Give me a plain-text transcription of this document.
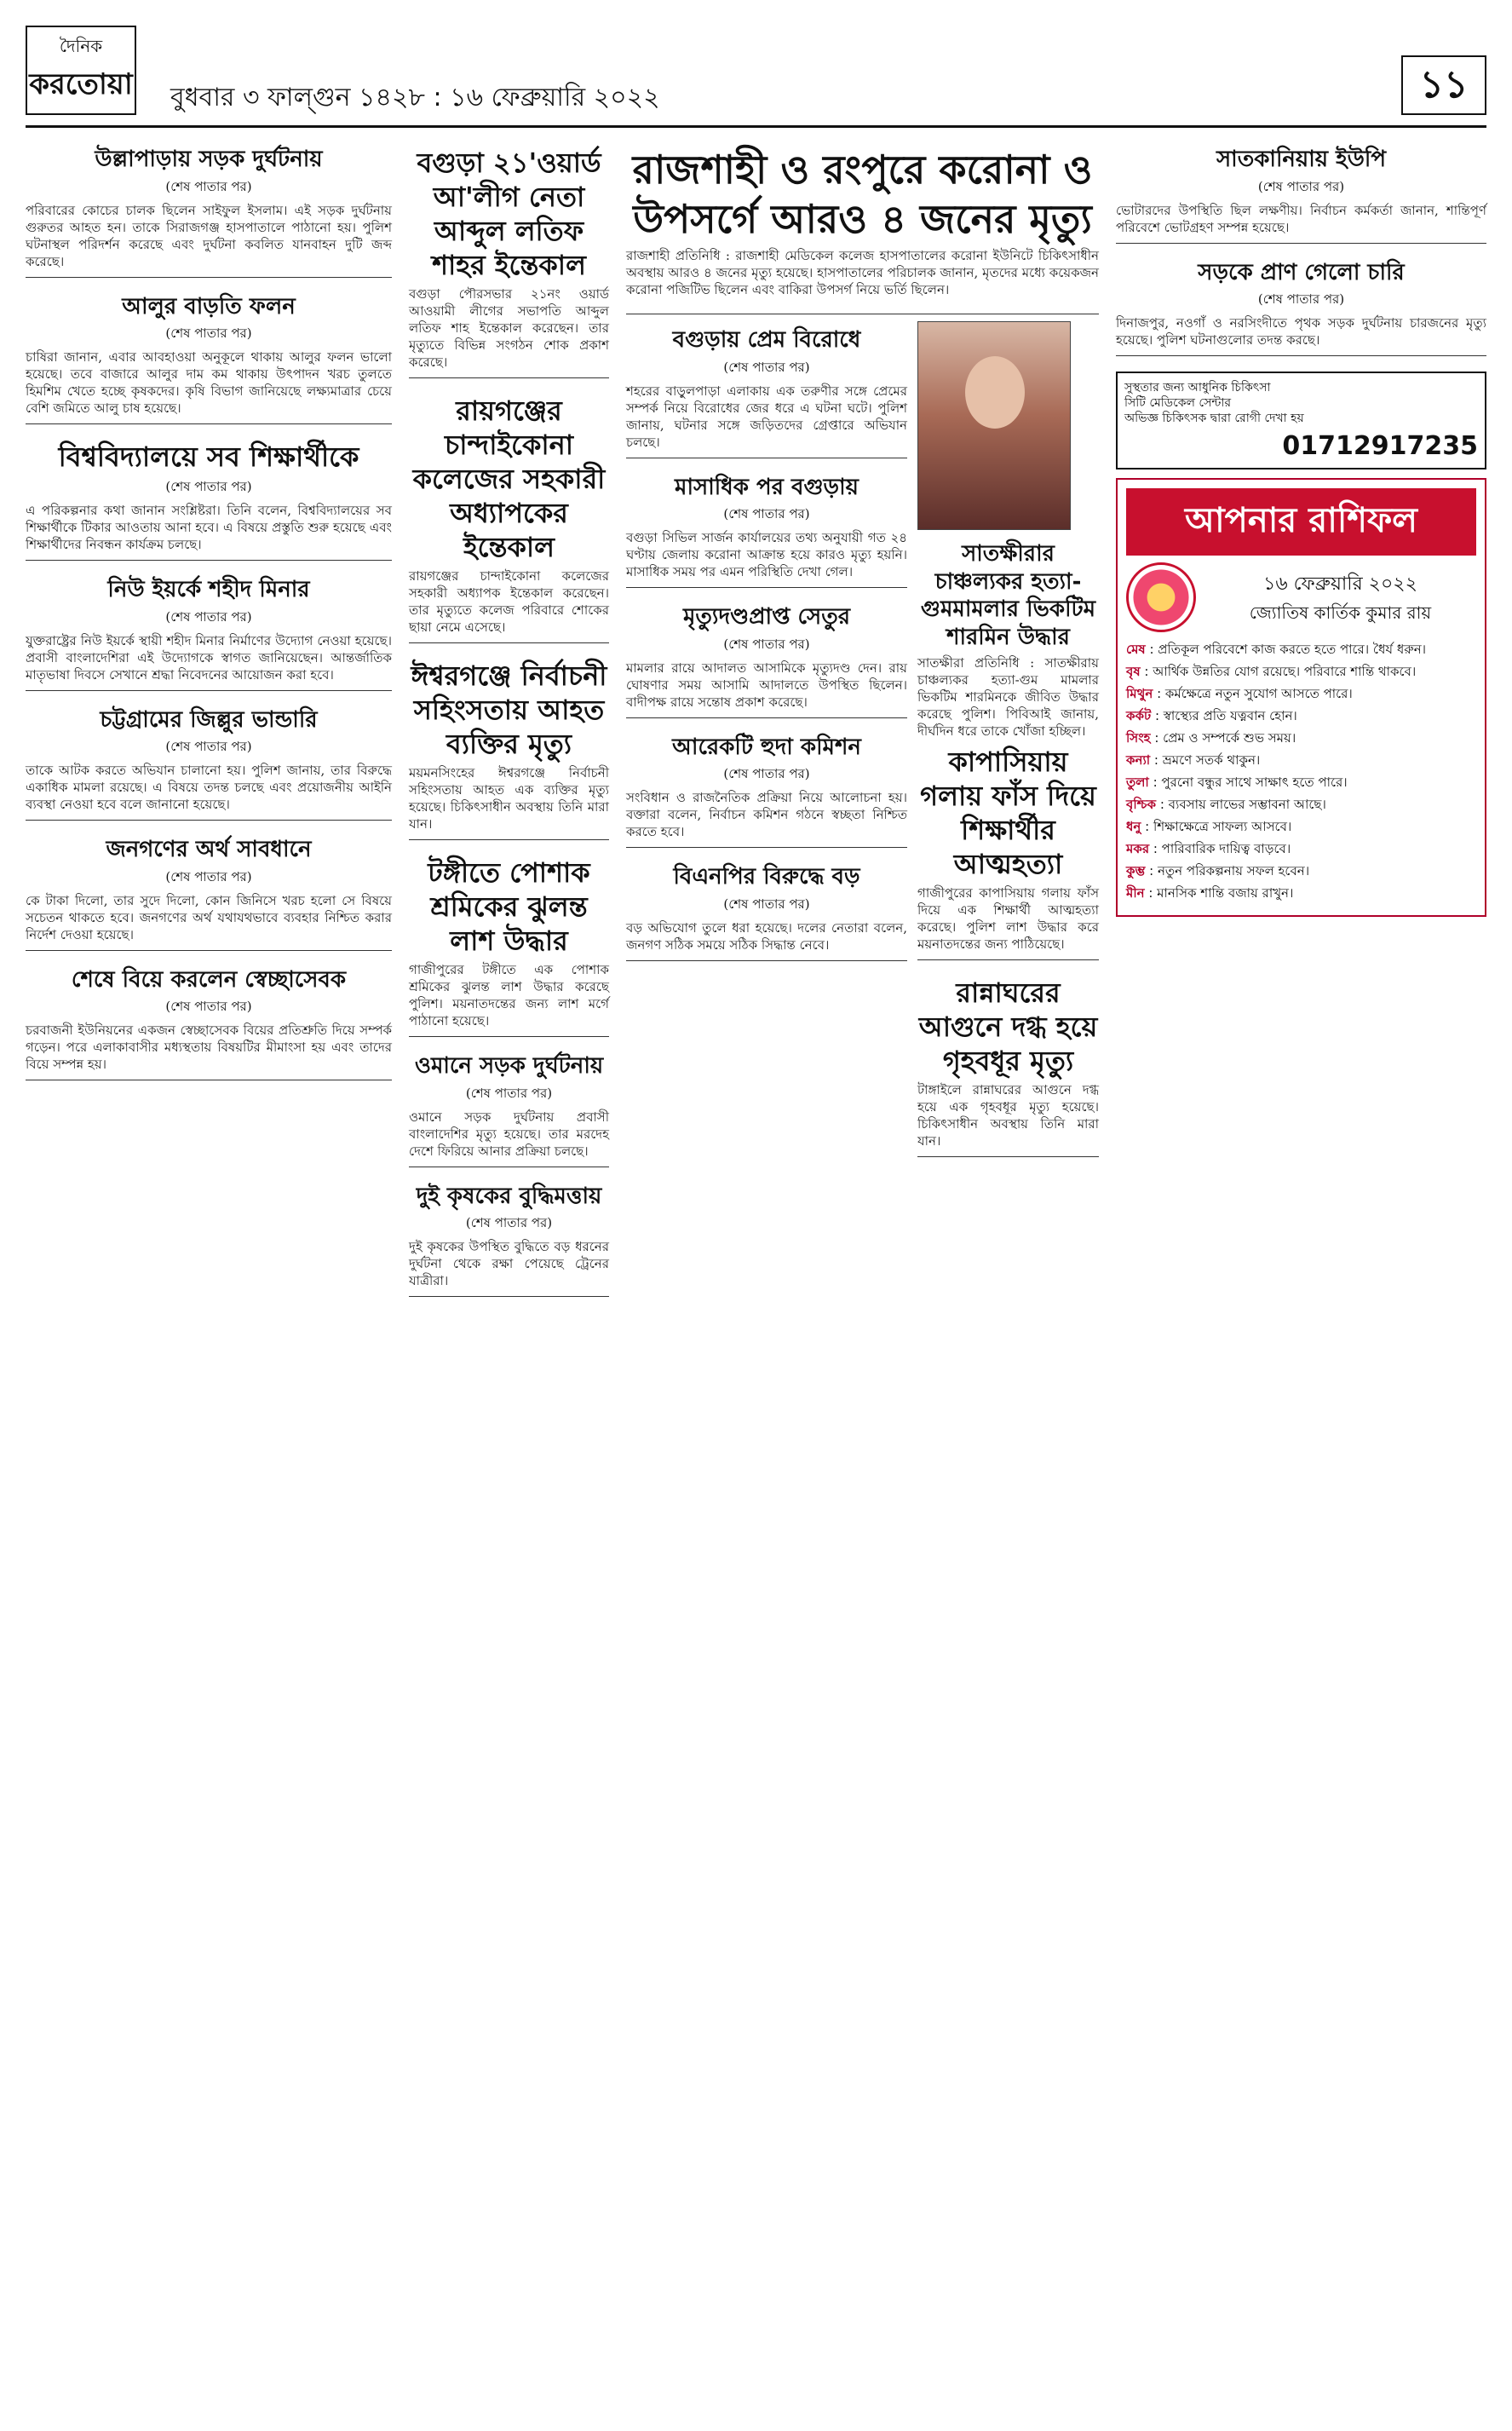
দৈনিক
করতোয়া বুধবার ৩ ফাল্গুন ১৪২৮ : ১৬ ফেব্রুয়ারি ২০২২	১১
উল্লাপাড়ায় সড়ক দুর্ঘটনায়
(শেষ পাতার পর)
পরিবারের কোচের চালক ছিলেন সাইফুল ইসলাম। এই সড়ক দুর্ঘটনায় গুরুতর আহত হন। তাকে সিরাজগঞ্জ হাসপাতালে পাঠানো হয়। পুলিশ ঘটনাস্থল পরিদর্শন করেছে এবং দুর্ঘটনা কবলিত যানবাহন দুটি জব্দ করেছে।
আলুর বাড়তি ফলন
(শেষ পাতার পর)
চাষিরা জানান, এবার আবহাওয়া অনুকূলে থাকায় আলুর ফলন ভালো হয়েছে। তবে বাজারে আলুর দাম কম থাকায় উৎপাদন খরচ তুলতে হিমশিম খেতে হচ্ছে কৃষকদের। কৃষি বিভাগ জানিয়েছে লক্ষ্যমাত্রার চেয়ে বেশি জমিতে আলু চাষ হয়েছে।
বিশ্ববিদ্যালয়ে সব শিক্ষার্থীকে
(শেষ পাতার পর)
এ পরিকল্পনার কথা জানান সংশ্লিষ্টরা। তিনি বলেন, বিশ্ববিদ্যালয়ের সব শিক্ষার্থীকে টিকার আওতায় আনা হবে। এ বিষয়ে প্রস্তুতি শুরু হয়েছে এবং শিক্ষার্থীদের নিবন্ধন কার্যক্রম চলছে।
নিউ ইয়র্কে শহীদ মিনার
(শেষ পাতার পর)
যুক্তরাষ্ট্রের নিউ ইয়র্কে স্থায়ী শহীদ মিনার নির্মাণের উদ্যোগ নেওয়া হয়েছে। প্রবাসী বাংলাদেশিরা এই উদ্যোগকে স্বাগত জানিয়েছেন। আন্তর্জাতিক মাতৃভাষা দিবসে সেখানে শ্রদ্ধা নিবেদনের আয়োজন করা হবে।
চট্টগ্রামের জিল্লুর ভান্ডারি
(শেষ পাতার পর)
তাকে আটক করতে অভিযান চালানো হয়। পুলিশ জানায়, তার বিরুদ্ধে একাধিক মামলা রয়েছে। এ বিষয়ে তদন্ত চলছে এবং প্রয়োজনীয় আইনি ব্যবস্থা নেওয়া হবে বলে জানানো হয়েছে।
জনগণের অর্থ সাবধানে
(শেষ পাতার পর)
কে টাকা দিলো, তার সুদে দিলো, কোন জিনিসে খরচ হলো সে বিষয়ে সচেতন থাকতে হবে। জনগণের অর্থ যথাযথভাবে ব্যবহার নিশ্চিত করার নির্দেশ দেওয়া হয়েছে।
শেষে বিয়ে করলেন স্বেচ্ছাসেবক
(শেষ পাতার পর)
চরবাজনী ইউনিয়নের একজন স্বেচ্ছাসেবক বিয়ের প্রতিশ্রুতি দিয়ে সম্পর্ক গড়েন। পরে এলাকাবাসীর মধ্যস্থতায় বিষয়টির মীমাংসা হয় এবং তাদের বিয়ে সম্পন্ন হয়।
বগুড়া ২১'ওয়ার্ড আ'লীগ নেতা আব্দুল লতিফ শাহর ইন্তেকাল
বগুড়া পৌরসভার ২১নং ওয়ার্ড আওয়ামী লীগের সভাপতি আব্দুল লতিফ শাহ ইন্তেকাল করেছেন। তার মৃত্যুতে বিভিন্ন সংগঠন শোক প্রকাশ করেছে।
রায়গঞ্জের চান্দাইকোনা কলেজের সহকারী অধ্যাপকের ইন্তেকাল
রায়গঞ্জের চান্দাইকোনা কলেজের সহকারী অধ্যাপক ইন্তেকাল করেছেন। তার মৃত্যুতে কলেজ পরিবারে শোকের ছায়া নেমে এসেছে।
ঈশ্বরগঞ্জে নির্বাচনী সহিংসতায় আহত ব্যক্তির মৃত্যু
ময়মনসিংহের ঈশ্বরগঞ্জে নির্বাচনী সহিংসতায় আহত এক ব্যক্তির মৃত্যু হয়েছে। চিকিৎসাধীন অবস্থায় তিনি মারা যান।
টঙ্গীতে পোশাক শ্রমিকের ঝুলন্ত লাশ উদ্ধার
গাজীপুরের টঙ্গীতে এক পোশাক শ্রমিকের ঝুলন্ত লাশ উদ্ধার করেছে পুলিশ। ময়নাতদন্তের জন্য লাশ মর্গে পাঠানো হয়েছে।
ওমানে সড়ক দুর্ঘটনায়
(শেষ পাতার পর)
ওমানে সড়ক দুর্ঘটনায় প্রবাসী বাংলাদেশির মৃত্যু হয়েছে। তার মরদেহ দেশে ফিরিয়ে আনার প্রক্রিয়া চলছে।
দুই কৃষকের বুদ্ধিমত্তায়
(শেষ পাতার পর)
দুই কৃষকের উপস্থিত বুদ্ধিতে বড় ধরনের দুর্ঘটনা থেকে রক্ষা পেয়েছে ট্রেনের যাত্রীরা।
রাজশাহী ও রংপুরে করোনা ও উপসর্গে আরও ৪ জনের মৃত্যু
রাজশাহী প্রতিনিধি : রাজশাহী মেডিকেল কলেজ হাসপাতালের করোনা ইউনিটে চিকিৎসাধীন অবস্থায় আরও ৪ জনের মৃত্যু হয়েছে। হাসপাতালের পরিচালক জানান, মৃতদের মধ্যে কয়েকজন করোনা পজিটিভ ছিলেন এবং বাকিরা উপসর্গ নিয়ে ভর্তি ছিলেন।
বগুড়ায় প্রেম বিরোধে
(শেষ পাতার পর)
শহরের বাড়ুলপাড়া এলাকায় এক তরুণীর সঙ্গে প্রেমের সম্পর্ক নিয়ে বিরোধের জের ধরে এ ঘটনা ঘটে। পুলিশ জানায়, ঘটনার সঙ্গে জড়িতদের গ্রেপ্তারে অভিযান চলছে।
মাসাধিক পর বগুড়ায়
(শেষ পাতার পর)
বগুড়া সিভিল সার্জন কার্যালয়ের তথ্য অনুযায়ী গত ২৪ ঘণ্টায় জেলায় করোনা আক্রান্ত হয়ে কারও মৃত্যু হয়নি। মাসাধিক সময় পর এমন পরিস্থিতি দেখা গেল।
মৃত্যুদণ্ডপ্রাপ্ত সেতুর
(শেষ পাতার পর)
মামলার রায়ে আদালত আসামিকে মৃত্যুদণ্ড দেন। রায় ঘোষণার সময় আসামি আদালতে উপস্থিত ছিলেন। বাদীপক্ষ রায়ে সন্তোষ প্রকাশ করেছে।
আরেকটি হুদা কমিশন
(শেষ পাতার পর)
সংবিধান ও রাজনৈতিক প্রক্রিয়া নিয়ে আলোচনা হয়। বক্তারা বলেন, নির্বাচন কমিশন গঠনে স্বচ্ছতা নিশ্চিত করতে হবে।
বিএনপির বিরুদ্ধে বড়
(শেষ পাতার পর)
বড় অভিযোগ তুলে ধরা হয়েছে। দলের নেতারা বলেন, জনগণ সঠিক সময়ে সঠিক সিদ্ধান্ত নেবে।
সাতক্ষীরার চাঞ্চল্যকর হত্যা-গুমমামলার ভিকটিম শারমিন উদ্ধার
সাতক্ষীরা প্রতিনিধি : সাতক্ষীরায় চাঞ্চল্যকর হত্যা-গুম মামলার ভিকটিম শারমিনকে জীবিত উদ্ধার করেছে পুলিশ। পিবিআই জানায়, দীর্ঘদিন ধরে তাকে খোঁজা হচ্ছিল।
কাপাসিয়ায় গলায় ফাঁস দিয়ে শিক্ষার্থীর আত্মহত্যা
গাজীপুরের কাপাসিয়ায় গলায় ফাঁস দিয়ে এক শিক্ষার্থী আত্মহত্যা করেছে। পুলিশ লাশ উদ্ধার করে ময়নাতদন্তের জন্য পাঠিয়েছে।
রান্নাঘরের আগুনে দগ্ধ হয়ে গৃহবধূর মৃত্যু
টাঙ্গাইলে রান্নাঘরের আগুনে দগ্ধ হয়ে এক গৃহবধূর মৃত্যু হয়েছে। চিকিৎসাধীন অবস্থায় তিনি মারা যান।
সাতকানিয়ায় ইউপি
(শেষ পাতার পর)
ভোটারদের উপস্থিতি ছিল লক্ষণীয়। নির্বাচন কর্মকর্তা জানান, শান্তিপূর্ণ পরিবেশে ভোটগ্রহণ সম্পন্ন হয়েছে।
সড়কে প্রাণ গেলো চারি
(শেষ পাতার পর)
দিনাজপুর, নওগাঁ ও নরসিংদীতে পৃথক সড়ক দুর্ঘটনায় চারজনের মৃত্যু হয়েছে। পুলিশ ঘটনাগুলোর তদন্ত করছে।
সুস্থতার জন্য আধুনিক চিকিৎসা
সিটি মেডিকেল সেন্টার
অভিজ্ঞ চিকিৎসক দ্বারা রোগী দেখা হয়
01712917235
আপনার রাশিফল
১৬ ফেব্রুয়ারি ২০২২
জ্যোতিষ কার্তিক কুমার রায়
মেষ : প্রতিকূল পরিবেশে কাজ করতে হতে পারে। ধৈর্য ধরুন।
বৃষ : আর্থিক উন্নতির যোগ রয়েছে। পরিবারে শান্তি থাকবে।
মিথুন : কর্মক্ষেত্রে নতুন সুযোগ আসতে পারে।
কর্কট : স্বাস্থ্যের প্রতি যত্নবান হোন।
সিংহ : প্রেম ও সম্পর্কে শুভ সময়।
কন্যা : ভ্রমণে সতর্ক থাকুন।
তুলা : পুরনো বন্ধুর সাথে সাক্ষাৎ হতে পারে।
বৃশ্চিক : ব্যবসায় লাভের সম্ভাবনা আছে।
ধনু : শিক্ষাক্ষেত্রে সাফল্য আসবে।
মকর : পারিবারিক দায়িত্ব বাড়বে।
কুম্ভ : নতুন পরিকল্পনায় সফল হবেন।
মীন : মানসিক শান্তি বজায় রাখুন।
